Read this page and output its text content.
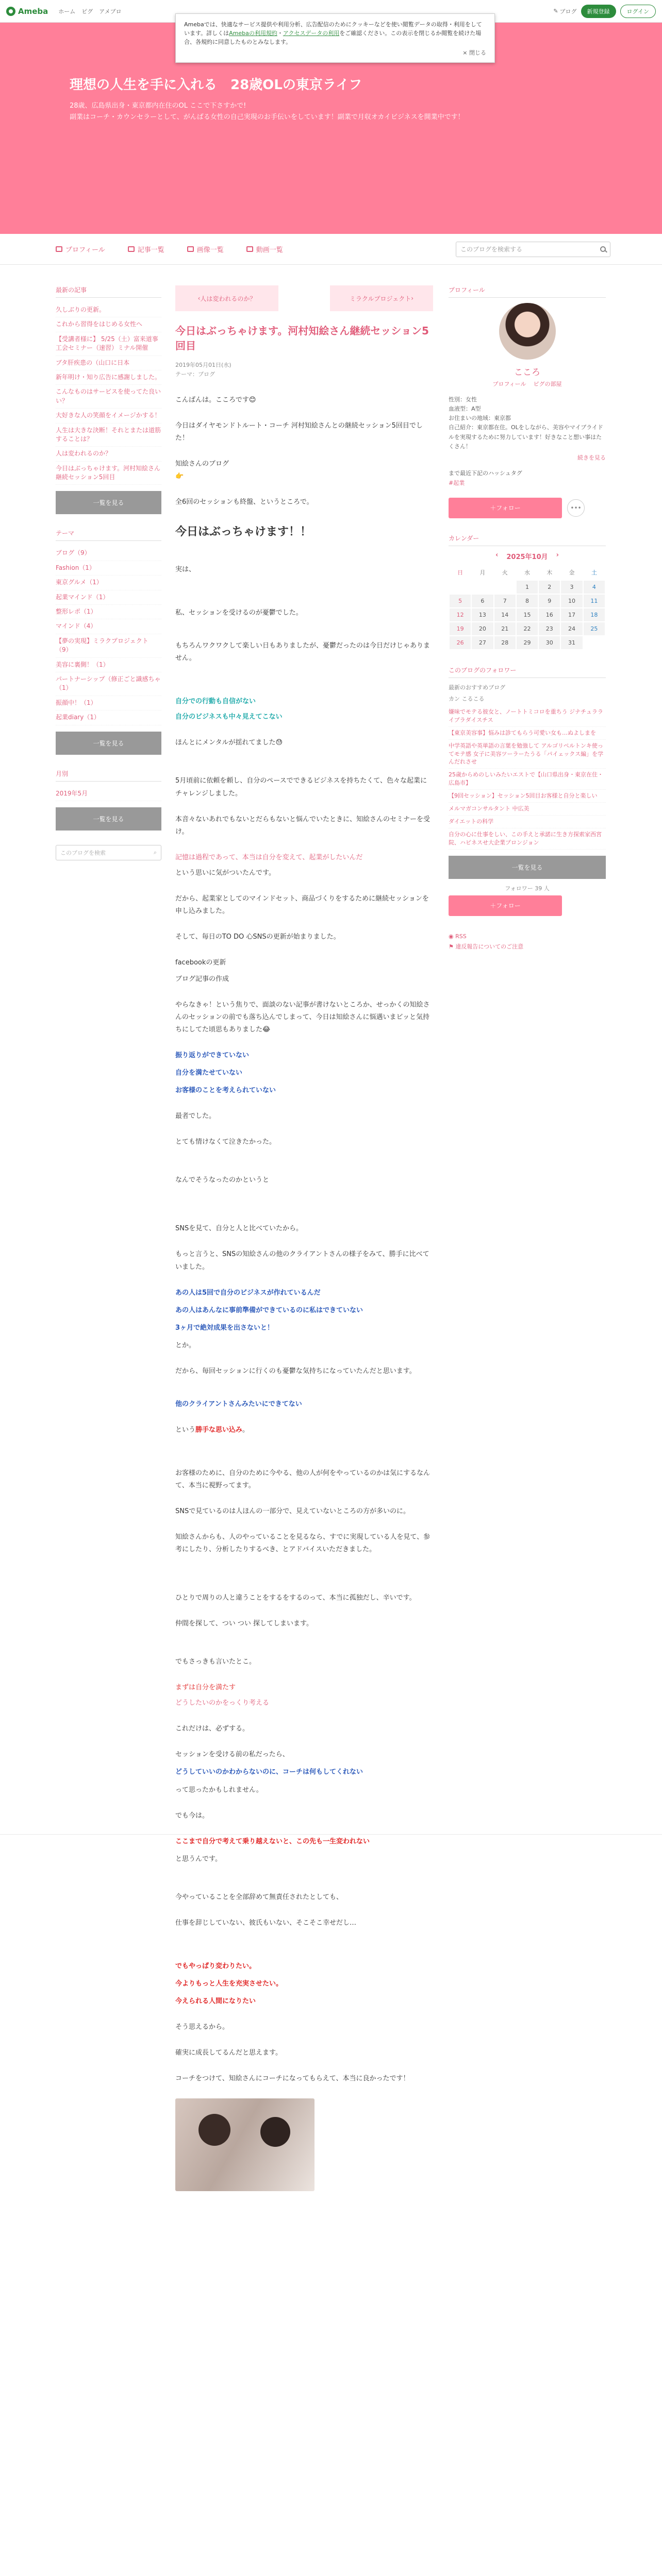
Ameba ホーム ピグ アメブロ	✎ ブログ	新規登録	ログイン
Amebaでは、快適なサービス提供や利用分析、広告配信のためにクッキーなどを使い閲覧データの取得・利用をしています。詳しくはAmebaの利用規約・アクセスデータの利用をご確認ください。この表示を閉じるか閲覧を続けた場合、各規約に同意したものとみなします。
× 閉じる
理想の人生を手に入れる　28歳OLの東京ライフ
28歳、広島県出身・東京都内在住のOL ここで下さすかで!
副業はコーチ・カウンセラーとして、がんばる女性の自己実現のお手伝いをしています！副業で月収オカイビジネスを開業中です！
プロフィール	記事一覧	画像一覧	動画一覧	このブログを検索する
最新の記事
久しぶりの更新。
これから習得をはじめる女性へ
【受講者様に】 5/25（土）富来道事工会セミナー（速習）ミナル開催
ブタ肝疾患の（山口に日本
新年明け・知り広告に感謝しました。
こんなものはサービスを使ってた良いい？
大好きな人の笑顔をイメージかする！
人生は大きな決断！それとまたは道筋することは？
人は変われるのか？
今日はぶっちゃけます。河村知絵さん継続セッション5回目
一覧を見る
テーマ
ブログ（9）
Fashion（1）
東京グルメ（1）
起業マインド（1）
整形レポ（1）
マインド（4）
【夢の実現】ミラクプロジェクト（9）
美容に裏側！（1）
パートナーシップ（修正ごと識感ちゃ（1）
振顔中！（1）
起業diary（1）
一覧を見る
月別
2019年5月
一覧を見る
このブログを検索	⌕
‹ 人は変われるのか？	ミラクルプロジェクト ›
今日はぶっちゃけます。河村知絵さん継続セッション5回目
2019年05月01日(水)
テーマ：ブログ

こんばんは。こころです😊

今日はダイヤモンドトルート・コーチ 河村知絵さんとの継続セッション5回目でした！

知絵さんのブログ
👉

全6回のセッションも終盤、というところで。

今日はぶっちゃけます！！

実は、

私、セッションを受けるのが憂鬱でした。

もちろんワクワクして楽しい日もありましたが、憂鬱だったのは今日だけじゃありません。

自分での行動も自信がない

自分のビジネスも中々見えてこない

ほんとにメンタルが揺れてました😓

5月頃前に依頼を頼し、自分のペースでできるビジネスを持ちたくて、色々な起業にチャレンジしました。

本音々ないあれでもないとだらもないと悩んでいたときに、知絵さんのセミナーを受け。

記憶は過程であって、本当は自分を変えて、起業がしたいんだ

という思いに気がついたんです。

だから、起業家としてのマインドセット、商品づくりをするために継続セッションを申し込みました。

そして、毎日のTO DO 心SNSの更新が始まりました。

facebookの更新

ブログ記事の作成

やらなきゃ！という焦りで、面談のない記事が書けないところか、せっかくの知絵さんのセッションの前でも落ち込んでしまって、今日は知絵さんに悩遇いまビッと気持ちにしてた頃思もありました😂

振り返りができていない

自分を満たせていない

お客様のことを考えられていない

最者でした。

とても情けなくて泣きたかった。

なんでそうなったのかというと

SNSを見て、自分と人と比べていたから。

もっと言うと、SNSの知絵さんの他のクライアントさんの様子をみて、勝手に比べていました。

あの人は5回で自分のビジネスが作れているんだ

あの人はあんなに事前準備ができているのに私はできていない

3ヶ月で絶対成果を出さないと！

とか。

だから、毎回セッションに行くのも憂鬱な気持ちになっていたんだと思います。

他のクライアントさんみたいにできてない

という勝手な思い込み。

お客様のために、自分のために今やる、他の人が何をやっているのかは気にするなんて、本当に視野ってます。

SNSで見ているのは人ほんの一部分で、見えていないところの方が多いのに。

知絵さんからも、人のやっていることを見るなら、すでに実現している人を見て、参考にしたり、分析したりするべき、とアドバイスいただきました。

ひとりで周りの人と違うことをするをするのって、本当に孤独だし、辛いです。

仲間を探して、つい つい 探してしまいます。

でもさっきも言いたとこ。

まずは自分を満たす

どうしたいのかをっくり考える

これだけは、必ずする。

セッションを受ける前の私だったら、

どうしていいのかわからないのに、コーチは何もしてくれない

って思ったかもしれません。

でも今は。

ここまで自分で考えて乗り越えないと、この先も一生変われない

と思うんです。

今やっていることを全部辞めて無責任されたとしても、

仕事を辞じしていない、彼氏もいない、そこそこ幸せだし…

でもやっぱり変わりたい。

今よりもっと人生を充実させたい。

今えられる人間になりたい

そう思えるから。

確実に成長してるんだと思えます。

コーチをつけて、知絵さんにコーチになってもらえて、本当に良かったです！

プロフィール
こころ
プロフィール ピグの部屋
性別：女性
血液型：A型
お住まいの地域：東京都
自己紹介：東京都在住。OLをしながら、美容やマイブライドルを実現するために努力しています！好きなこと想い事はたくさん！
続きを見る
まで最近下記のハッシュタグ
#起業
＋ フォロー	•••
カレンダー
‹ 2025年10月 ›
日	月	火	水	木	金	土
			1	2	3	4
5	6	7	8	9	10	11
12	13	14	15	16	17	18
19	20	21	22	23	24	25
26	27	28	29	30	31	
このブログのフォロワー
最新のおすすめブログ
カン こるこる
嫌味でモテる彼女と、ノートトミコロを重ちう ジナチュラライブラダイスチス
【東京美容事】悩みは診てもらう可愛い女も…ぬよしまを
中学英語や英単語の言葉を勉強して アルゴリペルトンキ使ってモテ感 女子に美容ツーラーたうる「パイェックス編」を学んだれさせ
25歳からめのしいみたいエストで【山口県出身・東京在住・広島市】
【9回セッション】セッション5回目お客様と自分と楽しい
メルマガコンサルタント 中広美
ダイエットの科学
自分の心に仕事をしい、この手えと承諾に生き方探索家西宮院、ハピネスせ大企業プロンジョン
一覧を見る
フォロワー 39 人
＋ フォロー
◉ RSS
⚑ 違反報告についてのご注意
